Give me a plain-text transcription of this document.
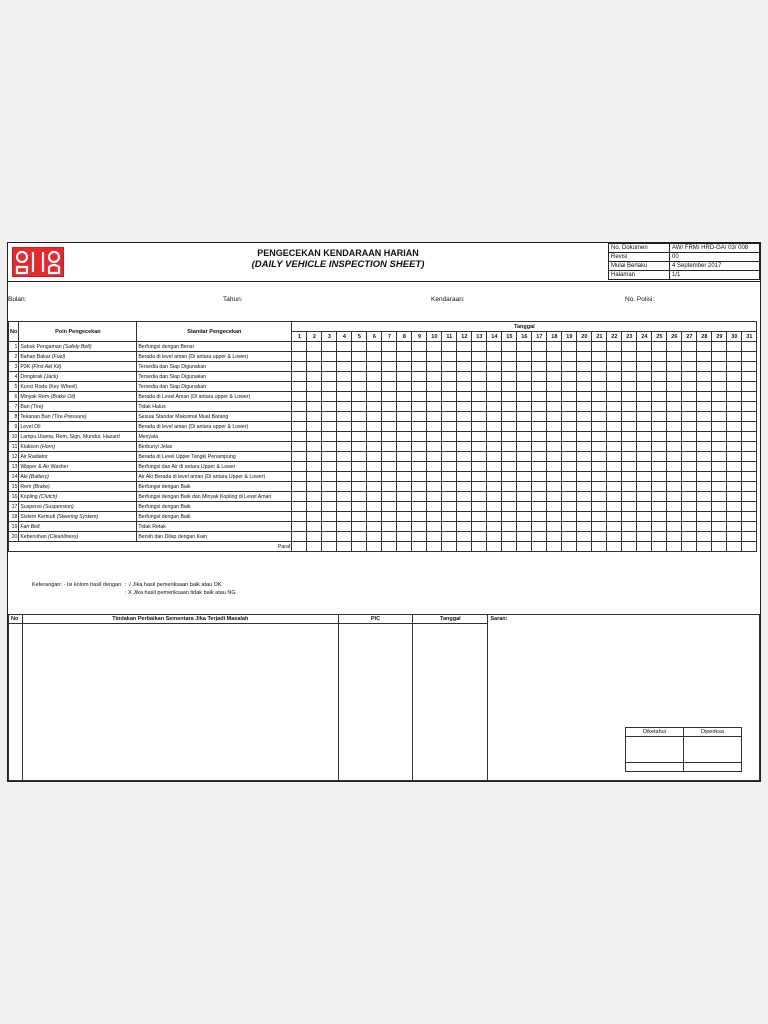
PENGECEKAN KENDARAAN HARIAN
(DAILY VEHICLE INSPECTION SHEET)
No. Dokumen	AW/ FRM/ HRD-GA/ 03/ 008
Revisi	00
Mulai Berlaku	4 September 2017
Halaman	1/1
Bulan:	Tahun:	Kendaraan:	No. Polisi:
No	Poin Pengecekan	Standar Pengecekan	Tanggal																														
			1	2	3	4	5	6	7	8	9	10	11	12	13	14	15	16	17	18	19	20	21	22	23	24	25	26	27	28	29	30	31
1	Sabuk Pengaman (Safety Belt)	Berfungsi dengan Benar																															
2	Bahan Bakar (Fuel)	Berada di level aman (Di antara upper & Lower)																															
3	P3K (First Aid Kit)	Tersedia dan Siap Digunakan																															
4	Dongkrak (Jack)	Tersedia dan Siap Digunakan																															
5	Kunci Roda (Key Wheel)	Tersedia dan Siap Digunakan																															
6	Minyak Rem (Brake Oil)	Berada di Level Aman (Di antara upper & Lower)																															
7	Ban (Tire)	Tidak Halus																															
8	Tekanan Ban (Tire Pressure)	Sesuai Standar Maksimal Muat Barang																															
9	Level Oli	Berada di level aman (Di antara upper & Lower)																															
10	Lampu Utama, Rem, Sign, Mundur, Hazard	Menyala																															
11	Klakson (Horn)	Berbunyi Jelas																															
12	Air Radiator	Berada di Level Upper Tangki Penampung																															
13	Wipper & Air Washer	Berfungsi dan Air di antara Upper & Lower																															
14	Aki (Battery)	Air Aki Berada di level aman (Di antara Upper & Lower)																															
15	Rem (Brake)	Berfungsi dengan Baik																															
16	Kopling (Clutch)	Berfungsi dengan Baik dan Minyak Kopling di Level Aman																															
17	Suspensi (Suspension)	Berfungsi dengan Baik																															
18	Sistem Kemudi (Steering System)	Berfungsi dengan Baik																															
19	Fan Belt	Tidak Retak																															
20	Kebersihan (Cleanliness)	Bersih dan Dilap dengan Kain																															
Paraf																																	
Keterangan: - Isi kolom hasil dengan : √ Jika hasil pemeriksaan baik atau OK
: X Jika hasil pemeriksaan tidak baik atau NG
No	Tindakan Perbaikan Sementara Jika Terjadi Masalah	PIC	Tanggal	Saran:

Diketahui	Diperiksa
